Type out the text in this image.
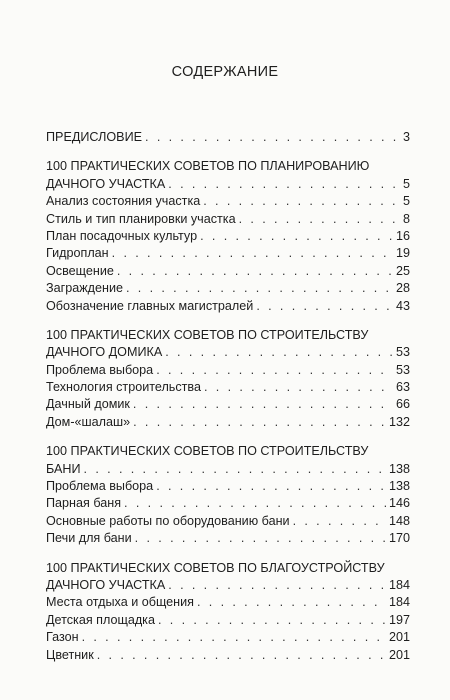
СОДЕРЖАНИЕ
ПРЕДИСЛОВИЕ . . .	3
100 ПРАКТИЧЕСКИХ СОВЕТОВ ПО ПЛАНИРОВАНИЮ
ДАЧНОГО УЧАСТКА . . .	5
Анализ состояния участка . . .	5
Стиль и тип планировки участка . . .	8
План посадочных культур . . .	16
Гидроплан . . .	19
Освещение . . .	25
Заграждение . . .	28
Обозначение главных магистралей . . .	43
100 ПРАКТИЧЕСКИХ СОВЕТОВ ПО СТРОИТЕЛЬСТВУ
ДАЧНОГО ДОМИКА . . .	53
Проблема выбора . . .	53
Технология строительства . . .	63
Дачный домик . . .	66
Дом-«шалаш» . . .	132
100 ПРАКТИЧЕСКИХ СОВЕТОВ ПО СТРОИТЕЛЬСТВУ
БАНИ . . .	138
Проблема выбора . . .	138
Парная баня . . .	146
Основные работы по оборудованию бани . . .	148
Печи для бани . . .	170
100 ПРАКТИЧЕСКИХ СОВЕТОВ ПО БЛАГОУСТРОЙСТВУ
ДАЧНОГО УЧАСТКА . . .	184
Места отдыха и общения . . .	184
Детская площадка . . .	197
Газон . . .	201
Цветник . . .	201
